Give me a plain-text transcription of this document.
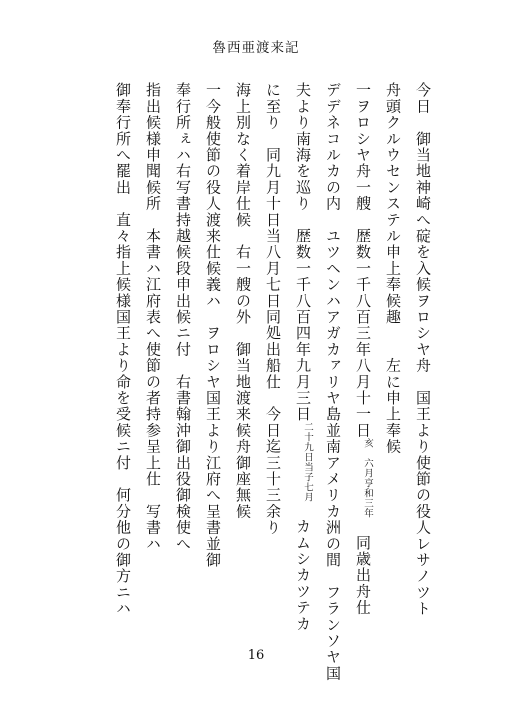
魯西亜渡来記
今日　御当地神崎へ碇を入候ヲロシヤ舟　国王より使節の役人レサノツト
舟頭クルウセンステル申上奉候趣　　左に申上奉候
一ヲロシヤ舟一艘　歴数一千八百三年八月十一日
亨和三年
亥　六月
　同歳出舟仕
デデネコルカの内　ユツヘンハアガカァリヤ島並南アメリカ洲の間　フランソヤ国
夫より南海を巡り　歴数一千八百四年九月三日
当子七月
二十九日
　カムシカツテカ
に至り　同九月十日当八月七日同処出船仕　今日迄三十三余り
海上別なく着岸仕候　右一艘の外　御当地渡来候舟御座無候
一今般使節の役人渡来仕候義ハ　ヲロシヤ国王より江府へ呈書並御
奉行所ぇハ右写書持越候段申出候ニ付　右書翰沖御出役御検使へ
指出候様申聞候所　本書ハ江府表へ使節の者持参呈上仕　写書ハ
御奉行所へ罷出　直々指上候様国王より命を受候ニ付　何分他の御方ニハ
16
